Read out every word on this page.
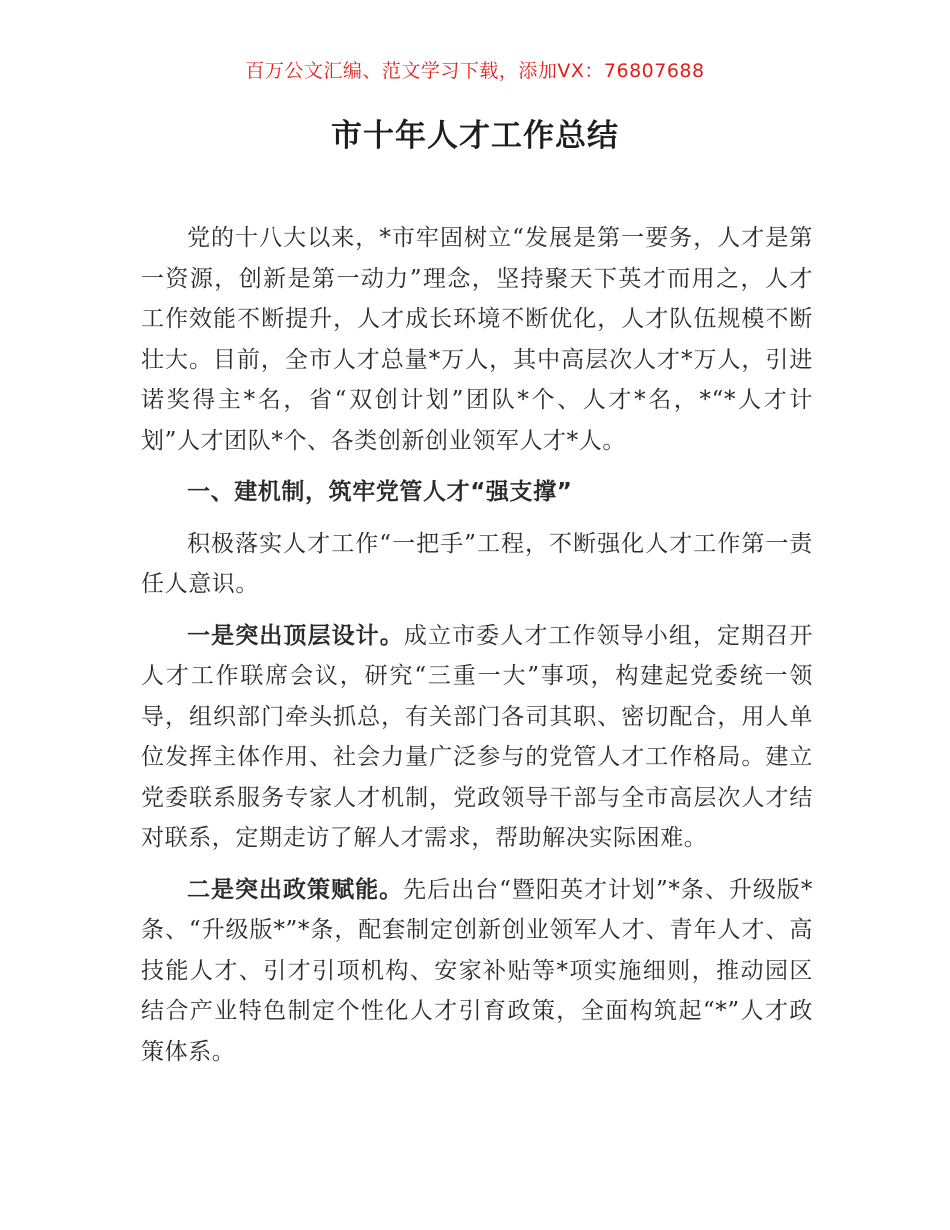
百万公文汇编、范文学习下载，添加VX：76807688
市十年人才工作总结

党的十八大以来，*市牢固树立“发展是第一要务，人才是第一资源，创新是第一动力”理念，坚持聚天下英才而用之，人才工作效能不断提升，人才成长环境不断优化，人才队伍规模不断壮大。目前，全市人才总量*万人，其中高层次人才*万人，引进诺奖得主*名，省“双创计划”团队*个、人才*名，*“*人才计划”人才团队*个、各类创新创业领军人才*人。

一、建机制，筑牢党管人才“强支撑”

积极落实人才工作“一把手”工程，不断强化人才工作第一责任人意识。

一是突出顶层设计。成立市委人才工作领导小组，定期召开人才工作联席会议，研究“三重一大”事项，构建起党委统一领导，组织部门牵头抓总，有关部门各司其职、密切配合，用人单位发挥主体作用、社会力量广泛参与的党管人才工作格局。建立党委联系服务专家人才机制，党政领导干部与全市高层次人才结对联系，定期走访了解人才需求，帮助解决实际困难。

二是突出政策赋能。先后出台“暨阳英才计划”*条、升级版*条、“升级版*”*条，配套制定创新创业领军人才、青年人才、高技能人才、引才引项机构、安家补贴等*项实施细则，推动园区结合产业特色制定个性化人才引育政策，全面构筑起“*”人才政策体系。
